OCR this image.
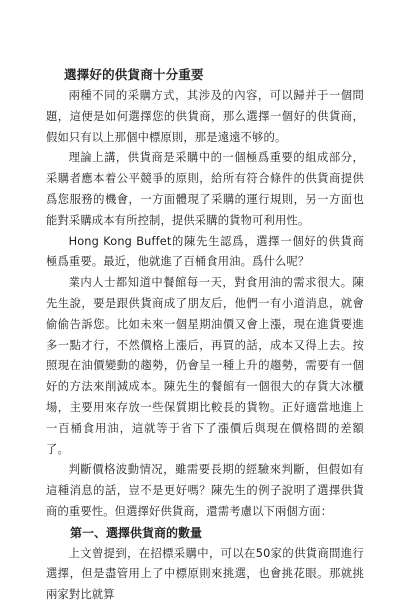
選擇好的供貨商十分重要

兩種不同的采購方式，其涉及的內容，可以歸并于一個問題，這便是如何選擇您的供貨商，那么選擇一個好的供貨商，假如只有以上那個中標原則，那是遠遠不够的。

理論上講，供貨商是采購中的一個極爲重要的組成部分，采購者應本着公平競爭的原則，給所有符合條件的供貨商提供爲您服務的機會，一方面體現了采購的運行規則，另一方面也能對采購成本有所控制，提供采購的貨物可利用性。

Hong Kong Buffet的陳先生認爲，選擇一個好的供貨商極爲重要。最近，他就進了百桶食用油。爲什么呢？

業内人士都知道中餐館每一天，對食用油的需求很大。陳先生說，要是跟供貨商成了朋友后，他們一有小道消息，就會偷偷告訴您。比如未來一個星期油價又會上漲，現在進貨要進多一點才行，不然價格上漲后，再買的話，成本又得上去。按照現在油價變動的趨勢，仍會呈一種上升的趨勢，需要有一個好的方法來削減成本。陳先生的餐館有一個很大的存貨大冰櫃場，主要用來存放一些保質期比較長的貨物。正好適當地進上一百桶食用油，這就等于省下了漲價后與現在價格間的差額了。

判斷價格波動情况，雖需要長期的經驗來判斷，但假如有這種消息的話，豈不是更好嗎？陳先生的例子說明了選擇供貨商的重要性。但選擇好供貨商，還需考慮以下兩個方面：

第一、選擇供貨商的數量

上文曾提到，在招標采購中，可以在50家的供貨商間進行選擇，但是盡管用上了中標原則來挑選，也會挑花眼。那就挑兩家對比就算
